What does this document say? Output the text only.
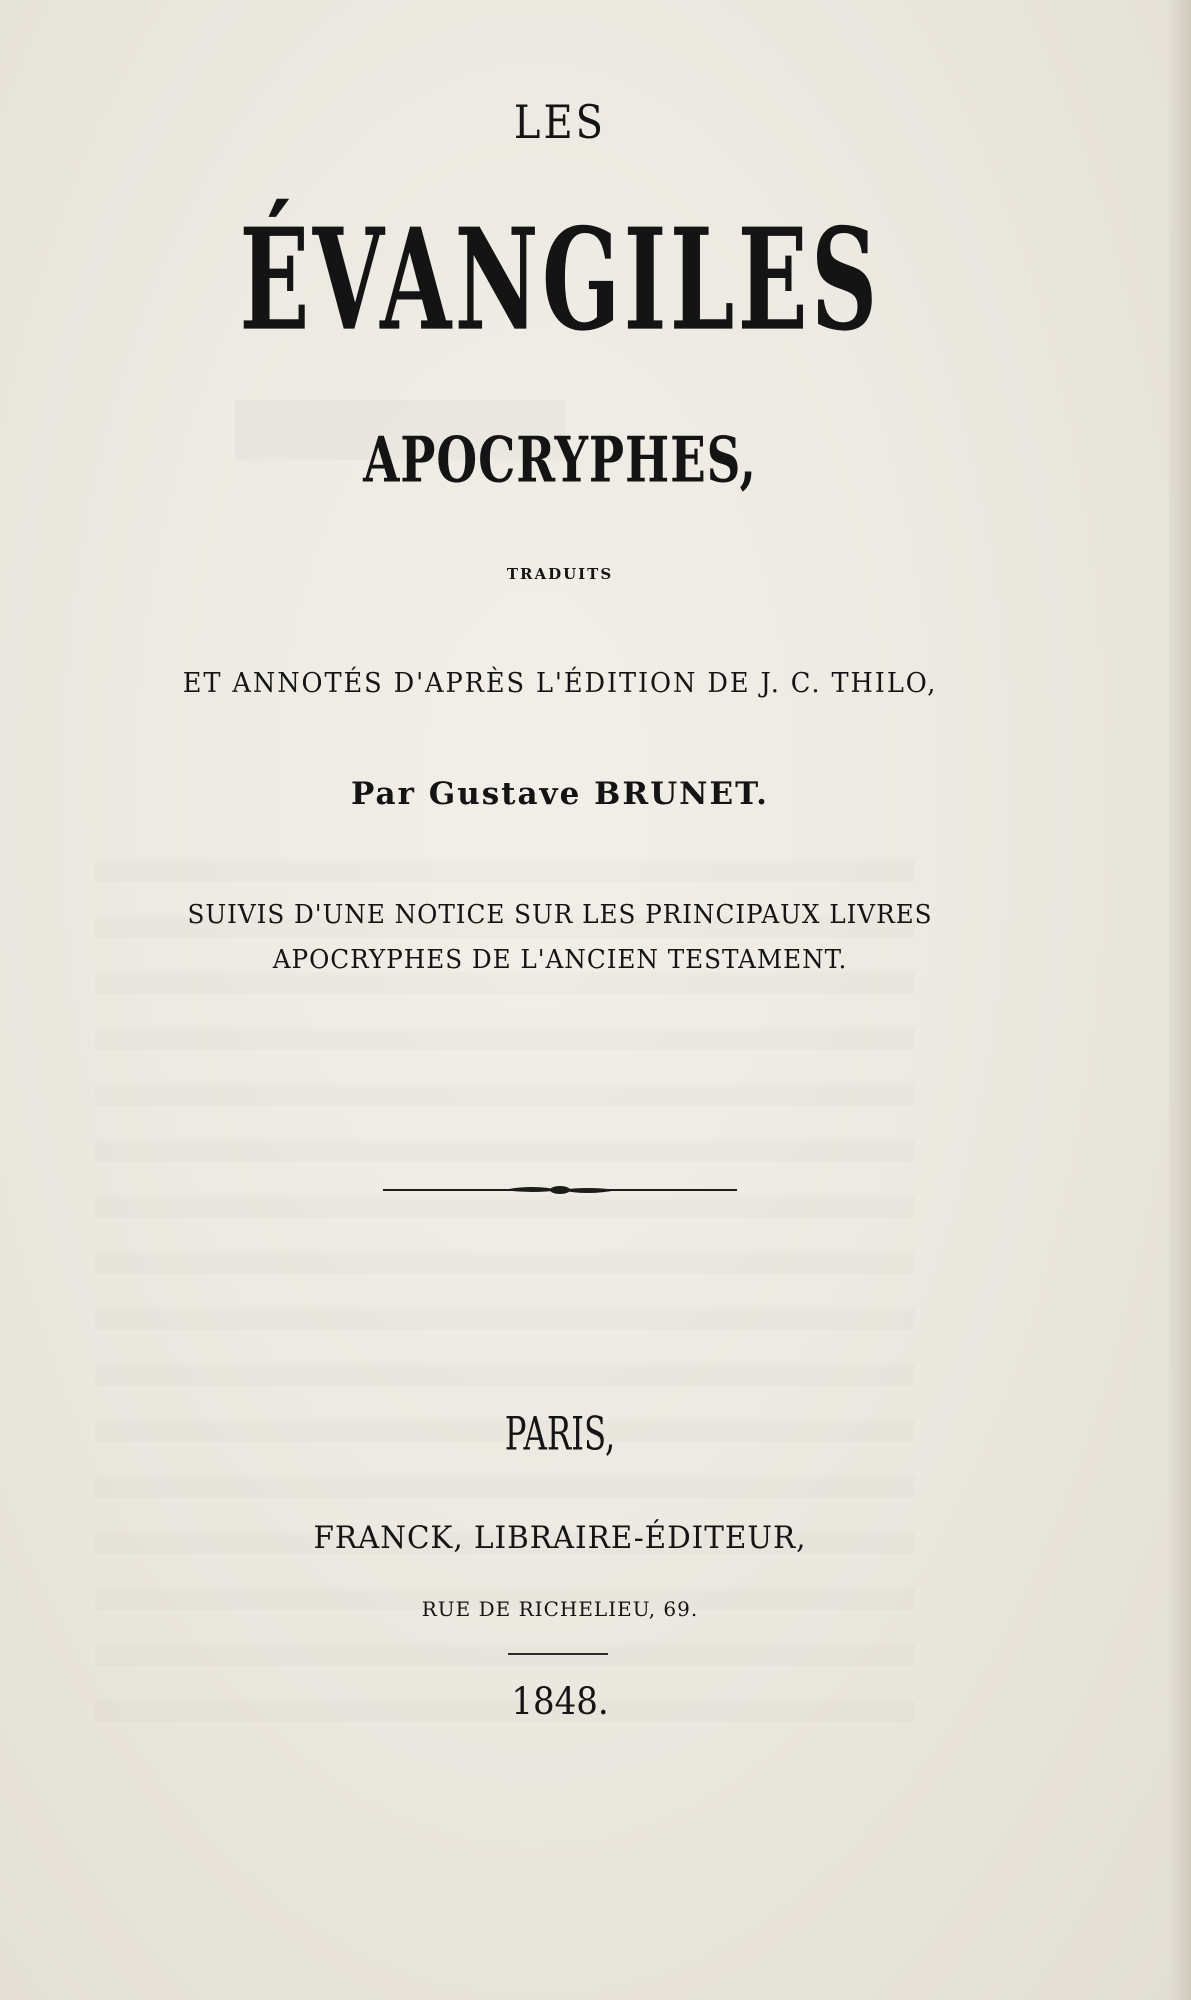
LES
ÉVANGILES
APOCRYPHES,
TRADUITS
ET ANNOTÉS D'APRÈS L'ÉDITION DE J. C. THILO,
Par Gustave BRUNET.
SUIVIS D'UNE NOTICE SUR LES PRINCIPAUX LIVRES
APOCRYPHES DE L'ANCIEN TESTAMENT.
PARIS,
FRANCK, LIBRAIRE-ÉDITEUR,
RUE DE RICHELIEU, 69.
1848.
